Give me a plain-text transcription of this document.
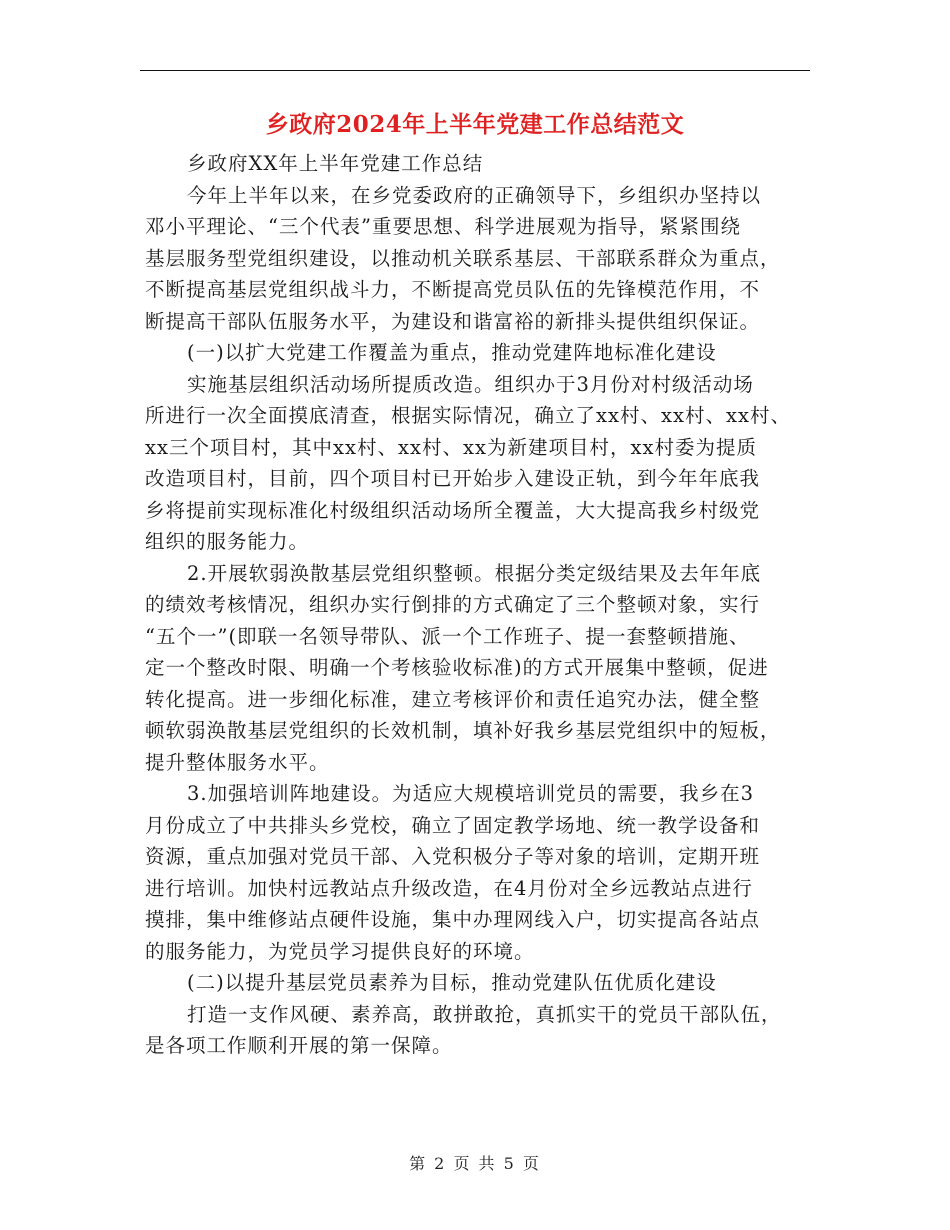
乡政府2024年上半年党建工作总结范文
乡政府XX年上半年党建工作总结
今年上半年以来，在乡党委政府的正确领导下，乡组织办坚持以
邓小平理论、“三个代表”重要思想、科学进展观为指导，紧紧围绕
基层服务型党组织建设，以推动机关联系基层、干部联系群众为重点，
不断提高基层党组织战斗力，不断提高党员队伍的先锋模范作用，不
断提高干部队伍服务水平，为建设和谐富裕的新排头提供组织保证。
(一)以扩大党建工作覆盖为重点，推动党建阵地标准化建设
实施基层组织活动场所提质改造。组织办于3月份对村级活动场
所进行一次全面摸底清查，根据实际情况，确立了xx村、xx村、xx村、
xx三个项目村，其中xx村、xx村、xx为新建项目村，xx村委为提质
改造项目村，目前，四个项目村已开始步入建设正轨，到今年年底我
乡将提前实现标准化村级组织活动场所全覆盖，大大提高我乡村级党
组织的服务能力。
2.开展软弱涣散基层党组织整顿。根据分类定级结果及去年年底
的绩效考核情况，组织办实行倒排的方式确定了三个整顿对象，实行
“五个一”(即联一名领导带队、派一个工作班子、提一套整顿措施、
定一个整改时限、明确一个考核验收标准)的方式开展集中整顿，促进
转化提高。进一步细化标准，建立考核评价和责任追究办法，健全整
顿软弱涣散基层党组织的长效机制，填补好我乡基层党组织中的短板，
提升整体服务水平。
3.加强培训阵地建设。为适应大规模培训党员的需要，我乡在3
月份成立了中共排头乡党校，确立了固定教学场地、统一教学设备和
资源，重点加强对党员干部、入党积极分子等对象的培训，定期开班
进行培训。加快村远教站点升级改造，在4月份对全乡远教站点进行
摸排，集中维修站点硬件设施，集中办理网线入户，切实提高各站点
的服务能力，为党员学习提供良好的环境。
(二)以提升基层党员素养为目标，推动党建队伍优质化建设
打造一支作风硬、素养高，敢拼敢抢，真抓实干的党员干部队伍，
是各项工作顺利开展的第一保障。
第 2 页 共 5 页
